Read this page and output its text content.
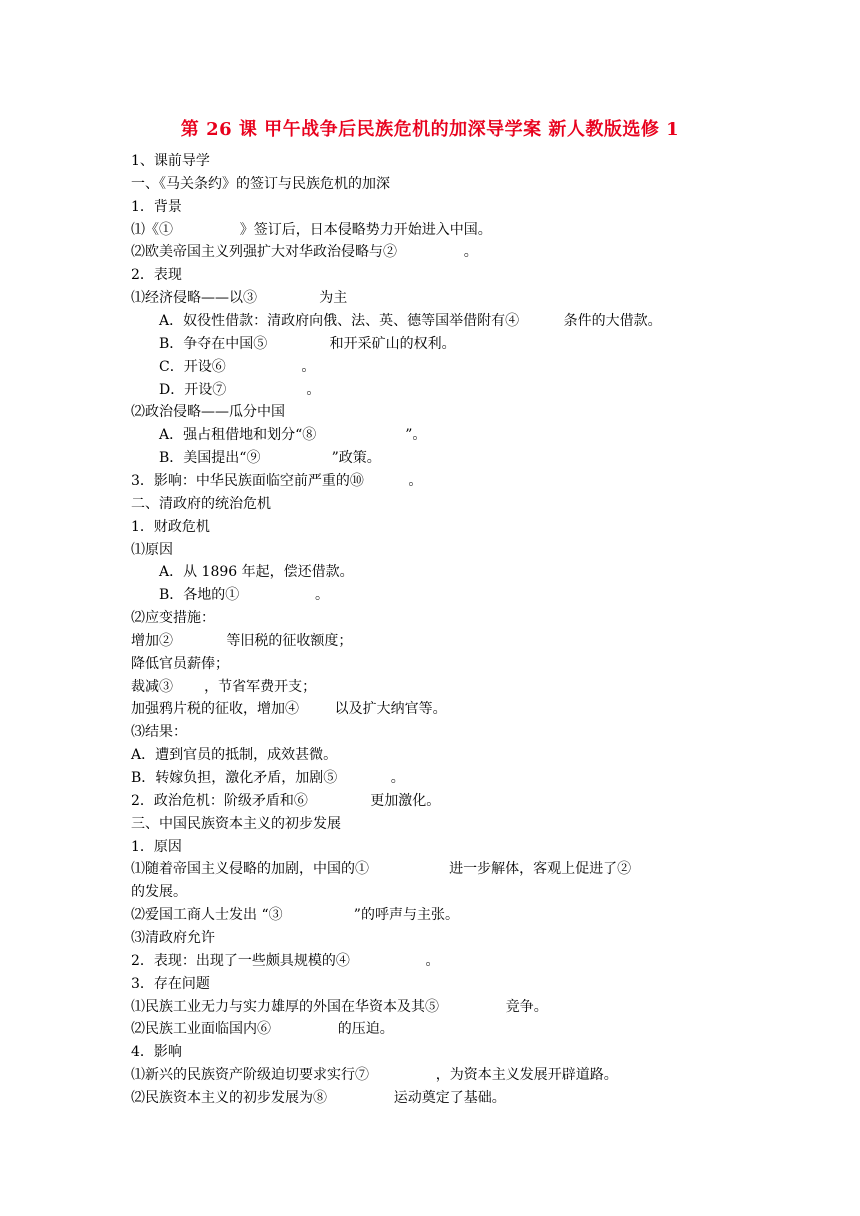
第 26 课 甲午战争后民族危机的加深导学案 新人教版选修 1
1、课前导学
一、《马关条约》的签订与民族危机的加深
1．背景
⑴《①               》签订后，日本侵略势力开始进入中国。
⑵欧美帝国主义列强扩大对华政治侵略与②               。
2．表现
⑴经济侵略——以③              为主
A．奴役性借款：清政府向俄、法、英、德等国举借附有④          条件的大借款。
B．争夺在中国⑤              和开采矿山的权利。
C．开设⑥                 。
D．开设⑦                  。
⑵政治侵略——瓜分中国
A．强占租借地和划分“⑧                    ”。
B．美国提出“⑨                ”政策。
3．影响：中华民族面临空前严重的⑩          。
二、清政府的统治危机
1．财政危机
⑴原因
A．从 1896 年起，偿还借款。
B．各地的①                 。
⑵应变措施：
增加②            等旧税的征收额度；
降低官员薪俸；
裁减③       ，节省军费开支；
加强鸦片税的征收，增加④        以及扩大纳官等。
⑶结果：
A．遭到官员的抵制，成效甚微。
B．转嫁负担，激化矛盾，加剧⑤            。
2．政治危机：阶级矛盾和⑥              更加激化。
三、中国民族资本主义的初步发展
1．原因
⑴随着帝国主义侵略的加剧，中国的①                  进一步解体，客观上促进了②
的发展。
⑵爱国工商人士发出 “③                ”的呼声与主张。
⑶清政府允许
2．表现：出现了一些颇具规模的④                 。
3．存在问题
⑴民族工业无力与实力雄厚的外国在华资本及其⑤               竞争。
⑵民族工业面临国内⑥               的压迫。
4．影响
⑴新兴的民族资产阶级迫切要求实行⑦               ，为资本主义发展开辟道路。
⑵民族资本主义的初步发展为⑧               运动奠定了基础。
